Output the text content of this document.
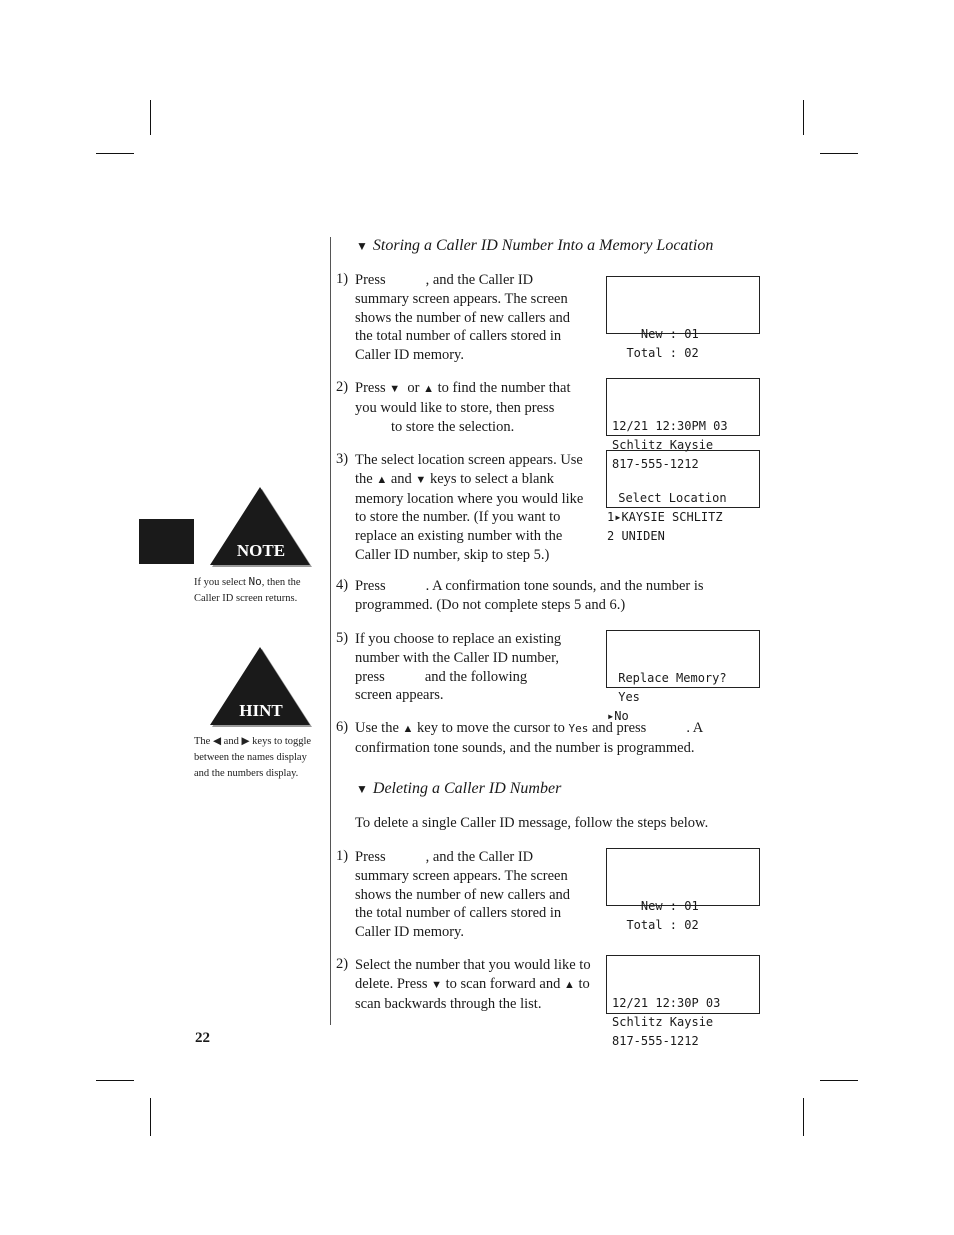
NOTE
If you select No, then the Caller ID screen returns.
HINT
The ◀ and ▶ keys to toggle between the names display and the numbers display.
▼ Storing a Caller ID Number Into a Memory Location
1) Press	, and the Caller ID summary screen appears. The screen shows the number of new callers and the total number of callers stored in Caller ID memory.

New : 01
Total : 02

2) Press ▼ or ▲ to find the number that you would like to store, then press
to store the selection.

	12/21 12:30PM 03
Schlitz Kaysie
817-555-1212

3) The select location screen appears. Use the ▲ and ▼ keys to select a blank memory location where you would like to store the number. (If you want to replace an existing number with the Caller ID number, skip to step 5.)

Select Location
1▸KAYSIE SCHLITZ
2 UNIDEN

4) Press	. A confirmation tone sounds, and the number is programmed. (Do not complete steps 5 and 6.)
5) If you choose to replace an existing number with the Caller ID number, press	and the following screen appears.

Replace Memory?
Yes
▸No

6) Use the ▲ key to move the cursor to Yes and press	. A confirmation tone sounds, and the number is programmed.
▼ Deleting a Caller ID Number
To delete a single Caller ID message, follow the steps below.
1) Press	, and the Caller ID summary screen appears. The screen shows the number of new callers and the total number of callers stored in Caller ID memory.

New : 01
Total : 02

2) Select the number that you would like to delete. Press ▼ to scan forward and ▲ to scan backwards through the list.

	12/21 12:30P 03
Schlitz Kaysie
817-555-1212

22
